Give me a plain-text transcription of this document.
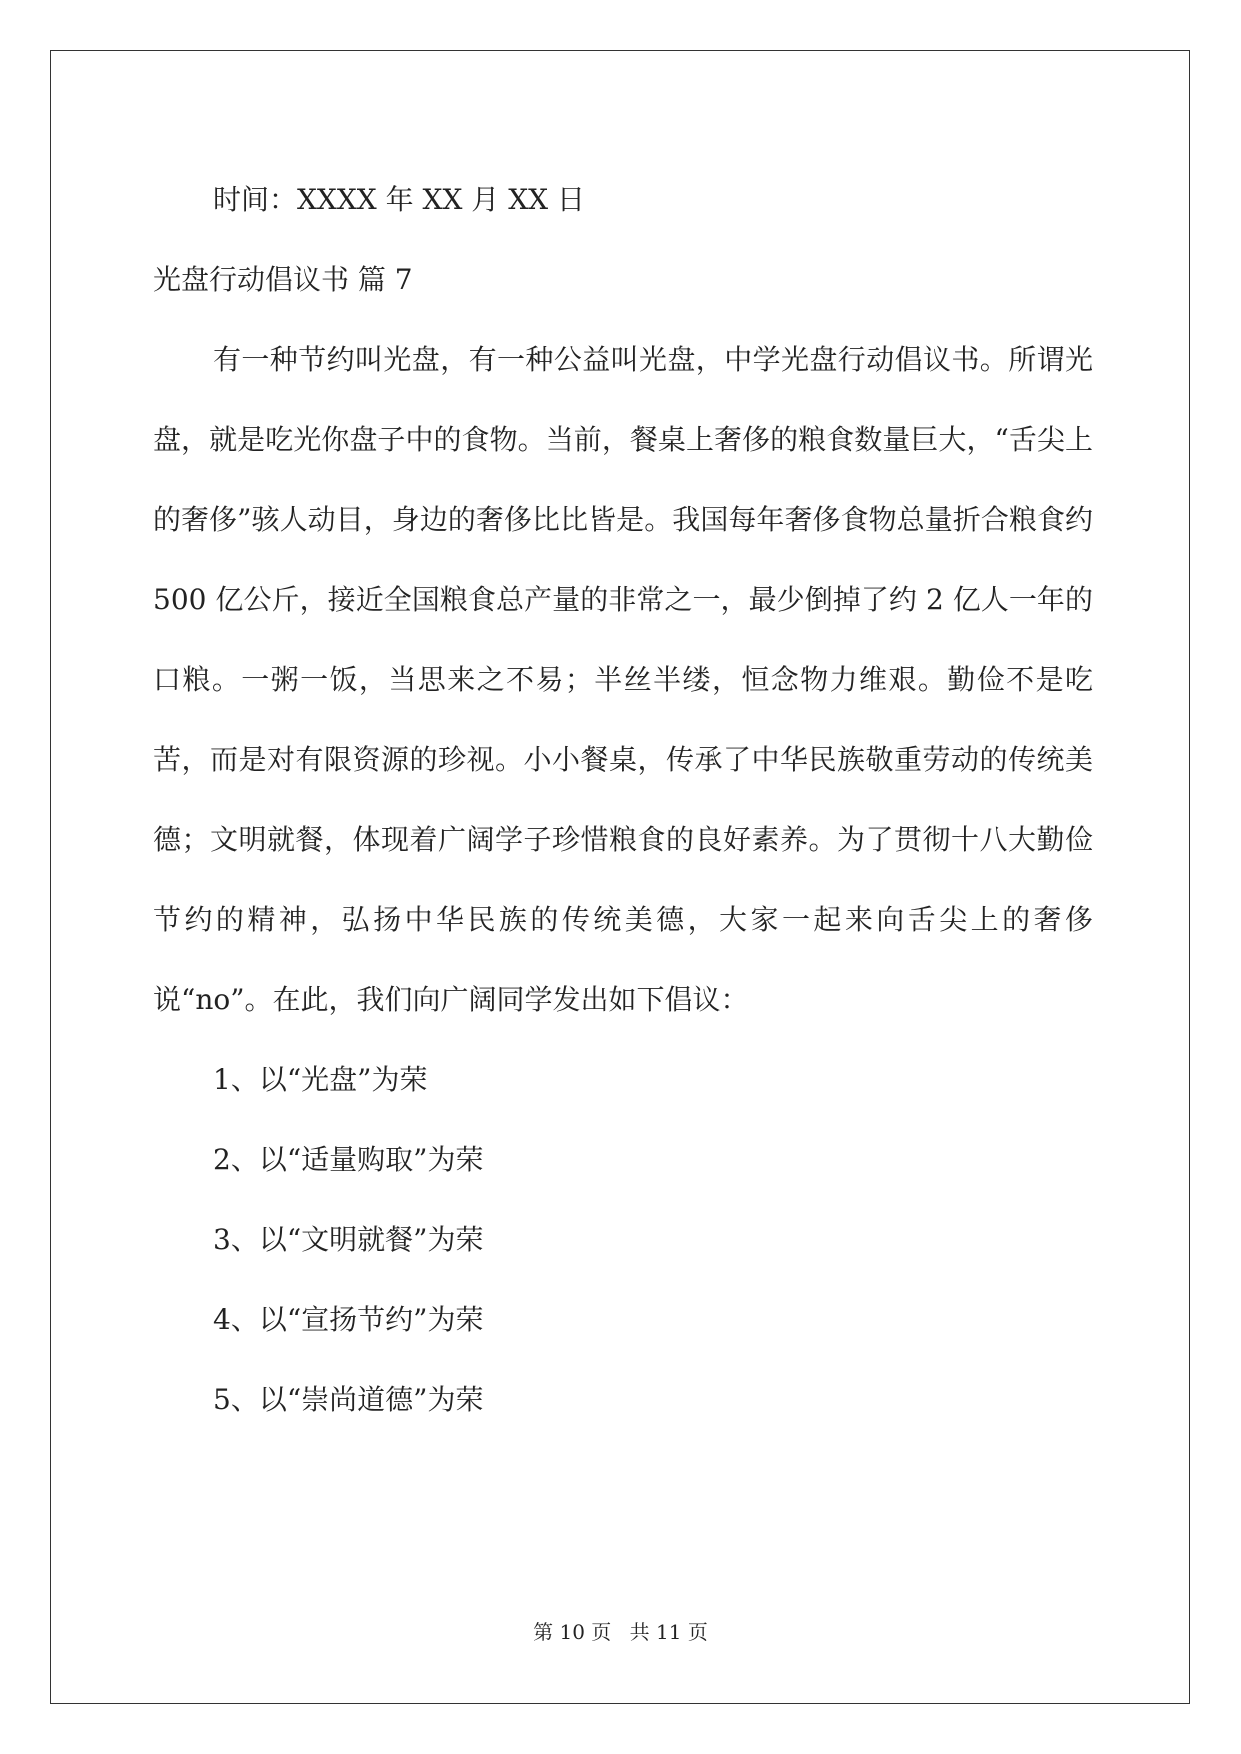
时间：XXXX 年 XX 月 XX 日
光盘行动倡议书 篇 7
有一种节约叫光盘，有一种公益叫光盘，中学光盘行动倡议书。所谓光盘，就是吃光你盘子中的食物。当前，餐桌上奢侈的粮食数量巨大，“舌尖上的奢侈”骇人动目，身边的奢侈比比皆是。我国每年奢侈食物总量折合粮食约 500 亿公斤，接近全国粮食总产量的非常之一，最少倒掉了约 2 亿人一年的口粮。一粥一饭，当思来之不易；半丝半缕，恒念物力维艰。勤俭不是吃苦，而是对有限资源的珍视。小小餐桌，传承了中华民族敬重劳动的传统美德；文明就餐，体现着广阔学子珍惜粮食的良好素养。为了贯彻十八大勤俭节约的精神，弘扬中华民族的传统美德，大家一起来向舌尖上的奢侈说“no”。在此，我们向广阔同学发出如下倡议：
1、以“光盘”为荣
2、以“适量购取”为荣
3、以“文明就餐”为荣
4、以“宣扬节约”为荣
5、以“崇尚道德”为荣
第 10 页 共 11 页
